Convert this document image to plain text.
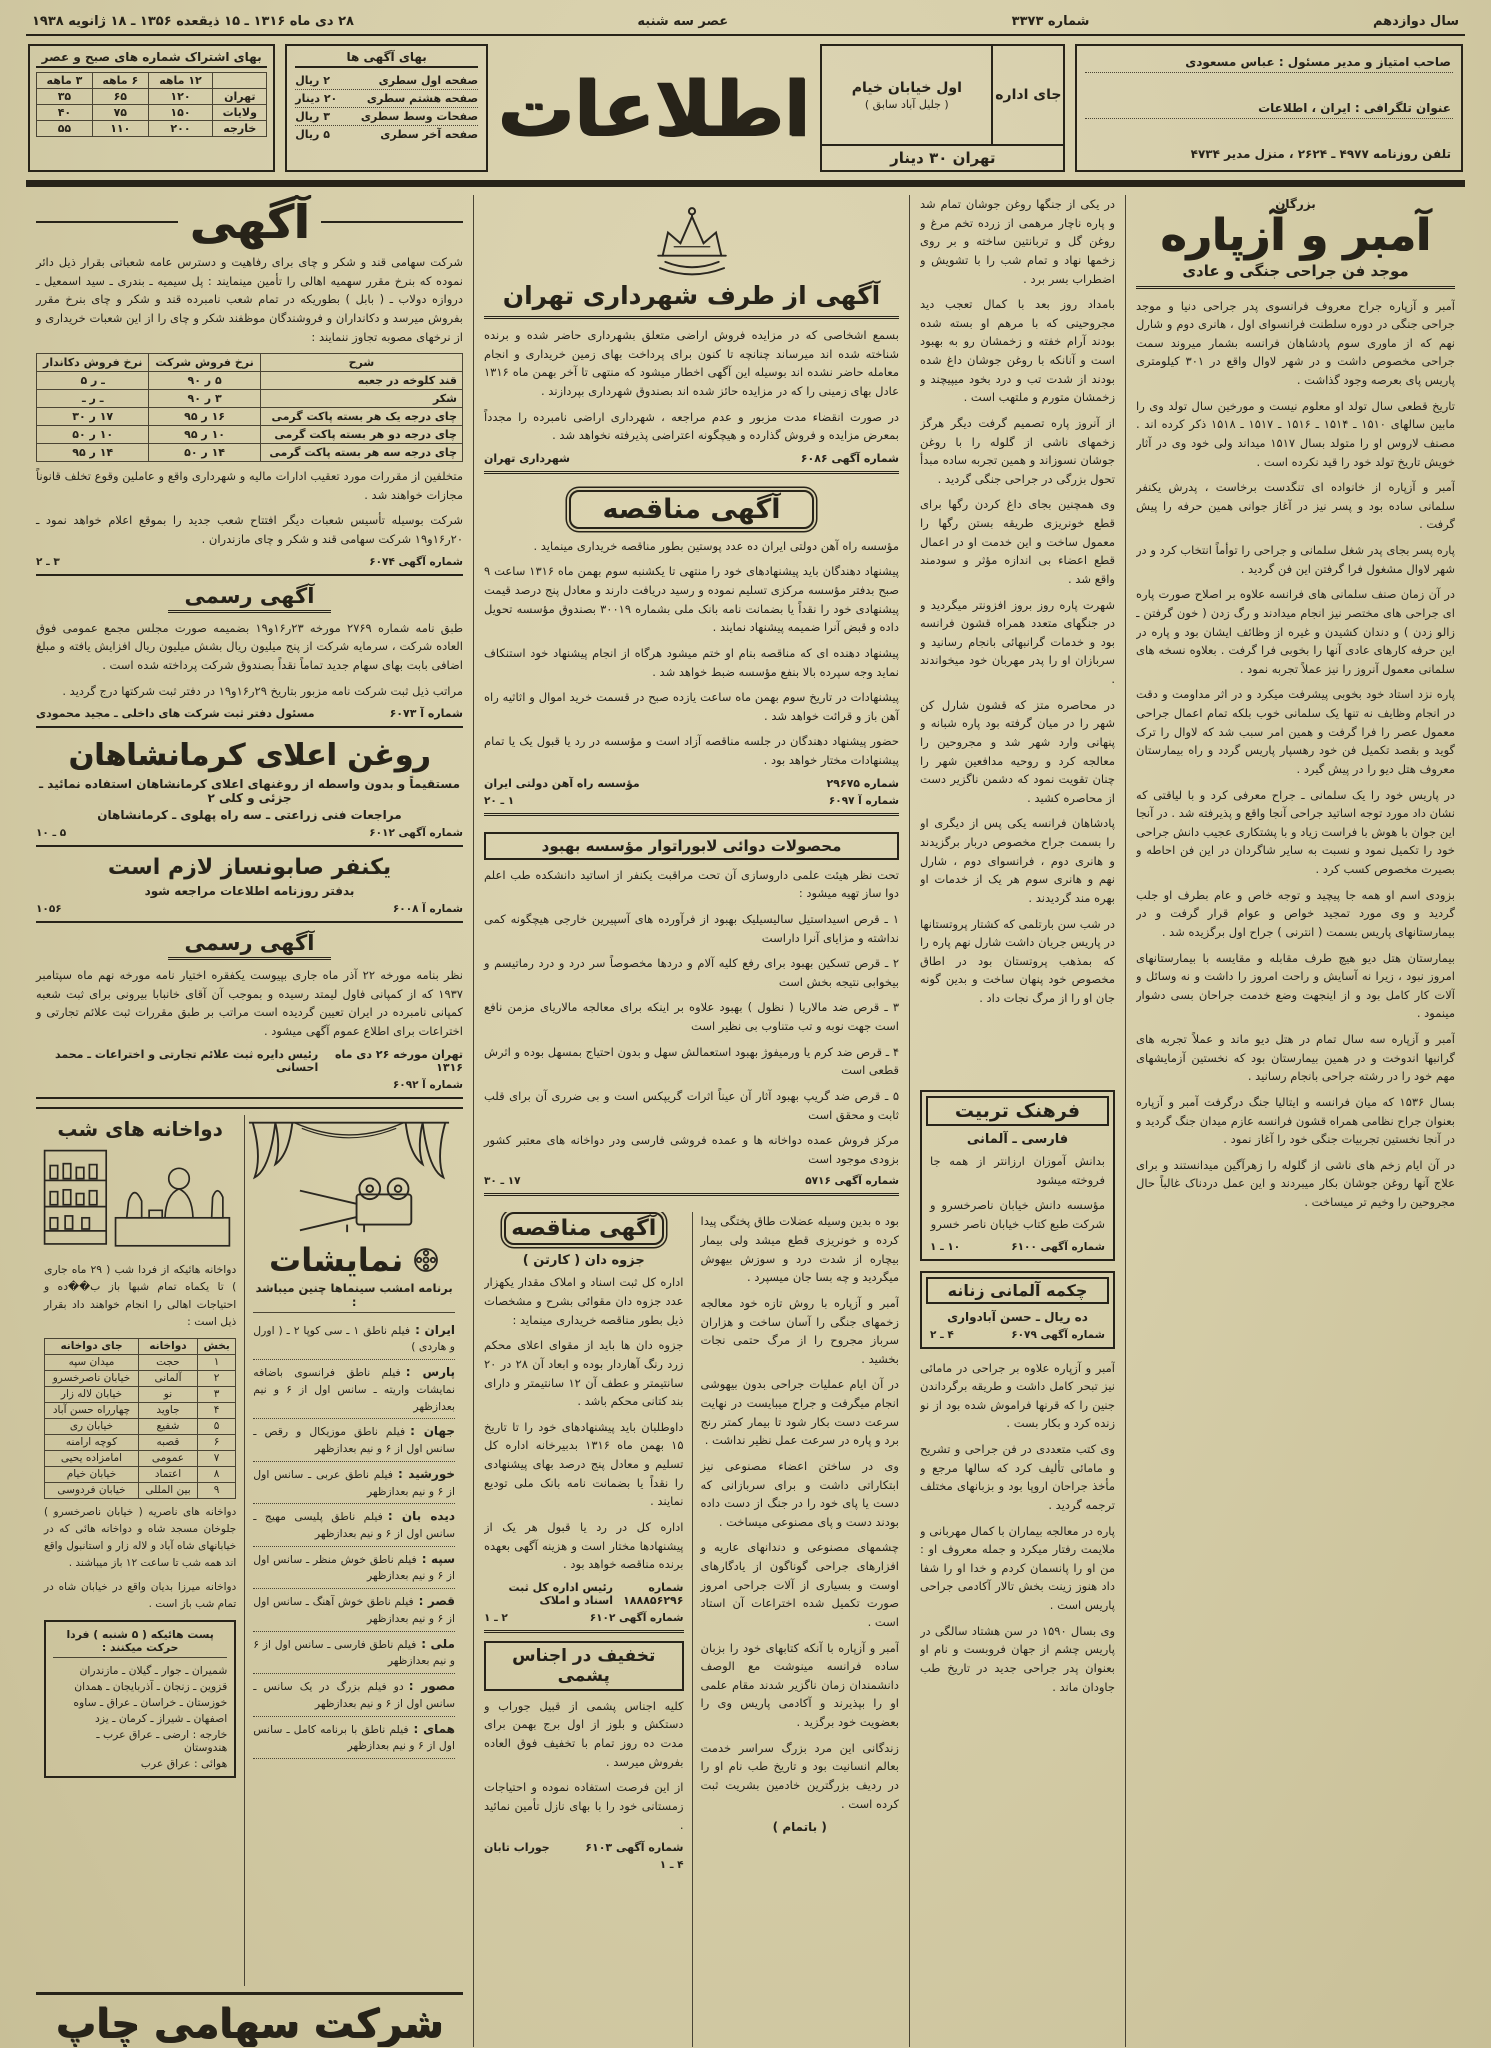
سال دوازدهم
شماره ۳۳۷۳
عصر سه شنبه
۲۸ دی ماه ۱۳۱۶ ـ ۱۵ ذیقعده ۱۳۵۶ ـ ۱۸ ژانویه ۱۹۳۸
صاحب امتیاز و مدیر مسئول : عباس مسعودی
عنوان تلگرافی : ایران ، اطلاعات
تلفن روزنامه ۴۹۷۷ ـ ۲۶۲۴ ، منزل مدیر ۴۷۳۴
جای اداره
اول خیابان خیام
( جلیل آباد سابق )
تهران ۳۰ دینار
اطلاعات
بهای آگهی ها
صفحه اول سطری
۲ ریال
صفحه هشتم سطری
۲۰ دینار
صفحات وسط سطری
۳ ریال
صفحه آخر سطری
۵ ریال
بهای اشتراک شماره های صبح و عصر
	۱۲ ماهه	۶ ماهه	۳ ماهه
تهران	۱۲۰	۶۵	۳۵
ولایات	۱۵۰	۷۵	۴۰
خارجه	۲۰۰	۱۱۰	۵۵
بزرگان
آمبر و آزپاره
موجد فن جراحی جنگی و عادی

آمبر و آزپاره جراح معروف فرانسوی پدر جراحی دنیا و موجد جراحی جنگی در دوره سلطنت فرانسوای اول ، هانری دوم و شارل نهم که از ماوری سوم پادشاهان فرانسه بشمار میروند سمت جراحی مخصوص داشت و در شهر لاوال واقع در ۳۰۱ کیلومتری پاریس پای بعرصه وجود گذاشت .

تاریخ قطعی سال تولد او معلوم نیست و مورخین سال تولد وی را مابین سالهای ۱۵۱۰ ـ ۱۵۱۴ ـ ۱۵۱۶ ـ ۱۵۱۷ ـ ۱۵۱۸ ذکر کرده اند . مصنف لاروس او را متولد بسال ۱۵۱۷ میداند ولی خود وی در آثار خویش تاریخ تولد خود را قید نکرده است .

آمبر و آزپاره از خانواده ای تنگدست برخاست ، پدرش یکنفر سلمانی ساده بود و پسر نیز در آغاز جوانی همین حرفه را پیش گرفت .

پاره پسر بجای پدر شغل سلمانی و جراحی را توأماً انتخاب کرد و در شهر لاوال مشغول فرا گرفتن این فن گردید .

در آن زمان صنف سلمانی های فرانسه علاوه بر اصلاح صورت پاره ای جراحی های مختصر نیز انجام میدادند و رگ زدن ( خون گرفتن ـ زالو زدن ) و دندان کشیدن و غیره از وظائف ایشان بود و پاره در این حرفه کارهای عادی آنها را بخوبی فرا گرفت . بعلاوه نسخه های سلمانی معمول آنروز را نیز عملاً تجربه نمود .

پاره نزد استاد خود بخوبی پیشرفت میکرد و در اثر مداومت و دقت در انجام وظایف نه تنها یک سلمانی خوب بلکه تمام اعمال جراحی معمول عصر را فرا گرفت و همین امر سبب شد که لاوال را ترک گوید و بقصد تکمیل فن خود رهسپار پاریس گردد و راه بیمارستان معروف هتل دیو را در پیش گیرد .

در پاریس خود را یک سلمانی ـ جراح معرفی کرد و با لیاقتی که نشان داد مورد توجه اساتید جراحی آنجا واقع و پذیرفته شد . در آنجا این جوان با هوش با فراست زیاد و با پشتکاری عجیب دانش جراحی خود را تکمیل نمود و نسبت به سایر شاگردان در این فن احاطه و بصیرت مخصوص کسب کرد .

بزودی اسم او همه جا پیچید و توجه خاص و عام بطرف او جلب گردید و وی مورد تمجید خواص و عوام قرار گرفت و در بیمارستانهای پاریس بسمت ( انترنی ) جراح اول برگزیده شد .

بیمارستان هتل دیو هیچ طرف مقابله و مقایسه با بیمارستانهای امروز نبود ، زیرا نه آسایش و راحت امروز را داشت و نه وسائل و آلات کار کامل بود و از اینجهت وضع خدمت جراحان بسی دشوار مینمود .

آمبر و آزپاره سه سال تمام در هتل دیو ماند و عملاً تجربه های گرانبها اندوخت و در همین بیمارستان بود که نخستین آزمایشهای مهم خود را در رشته جراحی بانجام رسانید .

بسال ۱۵۳۶ که میان فرانسه و ایتالیا جنگ درگرفت آمبر و آزپاره بعنوان جراح نظامی همراه قشون فرانسه عازم میدان جنگ گردید و در آنجا نخستین تجربیات جنگی خود را آغاز نمود .

در آن ایام زخم های ناشی از گلوله را زهرآگین میدانستند و برای علاج آنها روغن جوشان بکار میبردند و این عمل دردناک غالباً حال مجروحین را وخیم تر میساخت .

در یکی از جنگها روغن جوشان تمام شد و پاره ناچار مرهمی از زرده تخم مرغ و روغن گل و تربانتین ساخته و بر روی زخمها نهاد و تمام شب را با تشویش و اضطراب بسر برد .

بامداد روز بعد با کمال تعجب دید مجروحینی که با مرهم او بسته شده بودند آرام خفته و زخمشان رو به بهبود است و آنانکه با روغن جوشان داغ شده بودند از شدت تب و درد بخود میپیچند و زخمشان متورم و ملتهب است .

از آنروز پاره تصمیم گرفت دیگر هرگز زخمهای ناشی از گلوله را با روغن جوشان نسوزاند و همین تجربه ساده مبدأ تحول بزرگی در جراحی جنگی گردید .

وی همچنین بجای داغ کردن رگها برای قطع خونریزی طریقه بستن رگها را معمول ساخت و این خدمت او در اعمال قطع اعضاء بی اندازه مؤثر و سودمند واقع شد .

شهرت پاره روز بروز افزونتر میگردید و در جنگهای متعدد همراه قشون فرانسه بود و خدمات گرانبهائی بانجام رسانید و سربازان او را پدر مهربان خود میخواندند .

در محاصره متز که قشون شارل کن شهر را در میان گرفته بود پاره شبانه و پنهانی وارد شهر شد و مجروحین را معالجه کرد و روحیه مدافعین شهر را چنان تقویت نمود که دشمن ناگزیر دست از محاصره کشید .

پادشاهان فرانسه یکی پس از دیگری او را بسمت جراح مخصوص دربار برگزیدند و هانری دوم ، فرانسوای دوم ، شارل نهم و هانری سوم هر یک از خدمات او بهره مند گردیدند .

در شب سن بارتلمی که کشتار پروتستانها در پاریس جریان داشت شارل نهم پاره را که بمذهب پروتستان بود در اطاق مخصوص خود پنهان ساخت و بدین گونه جان او را از مرگ نجات داد .

فرهنک تربیت
فارسی ـ آلمانی

بدانش آموزان ارزانتر از همه جا فروخته میشود

مؤسسه دانش خیابان ناصرخسرو و شرکت طبع کتاب خیابان ناصر خسرو

شماره آگهی ۶۱۰۰
۱۰ ـ ۱
چکمه آلمانی زنانه
ده ریال ـ حسن آبادواری
شماره آگهی ۶۰۷۹
۴ ـ ۲

آمبر و آزپاره علاوه بر جراحی در مامائی نیز تبحر کامل داشت و طریقه برگرداندن جنین را که قرنها فراموش شده بود از نو زنده کرد و بکار بست .

وی کتب متعددی در فن جراحی و تشریح و مامائی تألیف کرد که سالها مرجع و مأخذ جراحان اروپا بود و بزبانهای مختلف ترجمه گردید .

پاره در معالجه بیماران با کمال مهربانی و ملایمت رفتار میکرد و جمله معروف او : من او را پانسمان کردم و خدا او را شفا داد هنوز زینت بخش تالار آکادمی جراحی پاریس است .

وی بسال ۱۵۹۰ در سن هشتاد سالگی در پاریس چشم از جهان فروبست و نام او بعنوان پدر جراحی جدید در تاریخ طب جاودان ماند .

آگهی از طرف شهرداری تهران

بسمع اشخاصی که در مزایده فروش اراضی متعلق بشهرداری حاضر شده و برنده شناخته شده اند میرساند چنانچه تا کنون برای پرداخت بهای زمین خریداری و انجام معامله حاضر نشده اند بوسیله این آگهی اخطار میشود که منتهی تا آخر بهمن ماه ۱۳۱۶ عادل بهای زمینی را که در مزایده حائز شده اند بصندوق شهرداری بپردازند .

در صورت انقضاء مدت مزبور و عدم مراجعه ، شهرداری اراضی نامبرده را مجدداً بمعرض مزایده و فروش گذارده و هیچگونه اعتراضی پذیرفته نخواهد شد .

شماره آگهی ۶۰۸۶
شهرداری تهران
آگهی مناقصه

مؤسسه راه آهن دولتی ایران ده عدد پوستین بطور مناقصه خریداری مینماید .

پیشنهاد دهندگان باید پیشنهادهای خود را منتهی تا یکشنبه سوم بهمن ماه ۱۳۱۶ ساعت ۹ صبح بدفتر مؤسسه مرکزی تسلیم نموده و رسید دریافت دارند و معادل پنج درصد قیمت پیشنهادی خود را نقداً یا بضمانت نامه بانک ملی بشماره ۳۰۰۱۹ بصندوق مؤسسه تحویل داده و قبض آنرا ضمیمه پیشنهاد نمایند .

پیشنهاد دهنده ای که مناقصه بنام او ختم میشود هرگاه از انجام پیشنهاد خود استنکاف نماید وجه سپرده بالا بنفع مؤسسه ضبط خواهد شد .

پیشنهادات در تاریخ سوم بهمن ماه ساعت یازده صبح در قسمت خرید اموال و اثاثیه راه آهن باز و قرائت خواهد شد .

حضور پیشنهاد دهندگان در جلسه مناقصه آزاد است و مؤسسه در رد یا قبول یک یا تمام پیشنهادات مختار خواهد بود .

شماره ۲۹۶۷۵
مؤسسه راه آهن دولتی ایران
شماره آ ۶۰۹۷
۱ ـ ۲۰
محصولات دوائی لابوراتوار مؤسسه بهبود

تحت نظر هیئت علمی داروسازی آن تحت مراقبت یکنفر از اساتید دانشکده طب اعلم دوا ساز تهیه میشود :

۱ ـ قرص اسیداستیل سالیسیلیک بهبود از فرآورده های آسپیرین خارجی هیچگونه کمی نداشته و مزایای آنرا داراست

۲ ـ قرص تسکین بهبود برای رفع کلیه آلام و دردها مخصوصاً سر درد و درد رماتیسم و بیخوابی نتیجه بخش است

۳ ـ قرص ضد مالاریا ( نظول ) بهبود علاوه بر اینکه برای معالجه مالاریای مزمن نافع است جهت نوبه و تب متناوب بی نظیر است

۴ ـ قرص ضد کرم یا ورمیفوژ بهبود استعمالش سهل و بدون احتیاج بمسهل بوده و اثرش قطعی است

۵ ـ قرص ضد گریپ بهبود آثار آن عیناً اثرات گریپکس است و بی ضرری آن برای قلب ثابت و محقق است

مرکز فروش عمده دواخانه ها و عمده فروشی فارسی ودر دواخانه های معتبر کشور بزودی موجود است

شماره آگهی ۵۷۱۶
۱۷ ـ ۳۰

بود ه بدین وسیله عضلات طاق پختگی پیدا کرده و خونریزی قطع میشد ولی بیمار بیچاره از شدت درد و سوزش بیهوش میگردید و چه بسا جان میسپرد .

آمبر و آزپاره با روش تازه خود معالجه زخمهای جنگی را آسان ساخت و هزاران سرباز مجروح را از مرگ حتمی نجات بخشید .

در آن ایام عملیات جراحی بدون بیهوشی انجام میگرفت و جراح میبایست در نهایت سرعت دست بکار شود تا بیمار کمتر رنج برد و پاره در سرعت عمل نظیر نداشت .

وی در ساختن اعضاء مصنوعی نیز ابتکاراتی داشت و برای سربازانی که دست یا پای خود را در جنگ از دست داده بودند دست و پای مصنوعی میساخت .

چشمهای مصنوعی و دندانهای عاریه و افزارهای جراحی گوناگون از یادگارهای اوست و بسیاری از آلات جراحی امروز صورت تکمیل شده اختراعات آن استاد است .

آمبر و آزپاره با آنکه کتابهای خود را بزبان ساده فرانسه مینوشت مع الوصف دانشمندان زمان ناگزیر شدند مقام علمی او را بپذیرند و آکادمی پاریس وی را بعضویت خود برگزید .

زندگانی این مرد بزرگ سراسر خدمت بعالم انسانیت بود و تاریخ طب نام او را در ردیف بزرگترین خادمین بشریت ثبت کرده است .

( باتمام )
آگهی مناقصه
جزوه دان ( کارتن )

اداره کل ثبت اسناد و املاک مقدار یکهزار عدد جزوه دان مقوائی بشرح و مشخصات ذیل بطور مناقصه خریداری مینماید :

جزوه دان ها باید از مقوای اعلای محکم زرد رنگ آهاردار بوده و ابعاد آن ۲۸ در ۲۰ سانتیمتر و عطف آن ۱۲ سانتیمتر و دارای بند کتانی محکم باشد .

داوطلبان باید پیشنهادهای خود را تا تاریخ ۱۵ بهمن ماه ۱۳۱۶ بدبیرخانه اداره کل تسلیم و معادل پنج درصد بهای پیشنهادی را نقداً یا بضمانت نامه بانک ملی تودیع نمایند .

اداره کل در رد یا قبول هر یک از پیشنهادها مختار است و هزینه آگهی بعهده برنده مناقصه خواهد بود .

شماره ۱۸۸۸۵۶۲۹۶
رئیس اداره کل ثبت اسناد و املاک
شماره آگهی ۶۱۰۲
۲ ـ ۱
تخفیف در اجناس پشمی

کلیه اجناس پشمی از قبیل جوراب و دستکش و بلوز از اول برج بهمن برای مدت ده روز تمام با تخفیف فوق العاده بفروش میرسد .

از این فرصت استفاده نموده و احتیاجات زمستانی خود را با بهای نازل تأمین نمائید .

شماره آگهی ۶۱۰۳
جوراب تابان
۴ ـ ۱
آگهی

شرکت سهامی قند و شکر و چای برای رفاهیت و دسترس عامه شعباتی بقرار ذیل دائر نموده که بنرخ مقرر سهمیه اهالی را تأمین مینمایند : پل سیمیه ـ بندری ـ سید اسمعیل ـ دروازه دولاب ـ ( بابل ) بطوریکه در تمام شعب نامبرده قند و شکر و چای بنرخ مقرر بفروش میرسد و دکانداران و فروشندگان موظفند شکر و چای را از این شعبات خریداری و از نرخهای مصوبه تجاوز ننمایند :

شرح	نرخ فروش شرکت	نرخ فروش دکاندار
قند کلوخه در جعبه	۵ ر ۹۰	ـ ر ۵
شکر	۳ ر ۹۰	ـ ر ـ
چای درجه یک هر بسته پاکت گرمی	۱۶ ر ۹۵	۱۷ ر ۳۰
چای درجه دو هر بسته پاکت گرمی	۱۰ ر ۹۵	۱۰ ر ۵۰
چای درجه سه هر بسته پاکت گرمی	۱۴ ر ۵۰	۱۴ ر ۹۵

متخلفین از مقررات مورد تعقیب ادارات مالیه و شهرداری واقع و عاملین وقوع تخلف قانوناً مجازات خواهند شد .

شرکت بوسیله تأسیس شعبات دیگر افتتاح شعب جدید را بموقع اعلام خواهد نمود ـ ۲۰ر۱۶و۱۹ شرکت سهامی قند و شکر و چای مازندران .

شماره آگهی ۶۰۷۴
۳ ـ ۲
آگهی رسمی

طبق نامه شماره ۲۷۶۹ مورخه ۲۳ر۱۶و۱۹ بضمیمه صورت مجلس مجمع عمومی فوق العاده شرکت ، سرمایه شرکت از پنج میلیون ریال بشش میلیون ریال افزایش یافته و مبلغ اضافی بابت بهای سهام جدید تماماً نقداً بصندوق شرکت پرداخته شده است .

مراتب ذیل ثبت شرکت نامه مزبور بتاریخ ۲۹ر۱۶و۱۹ در دفتر ثبت شرکتها درج گردید .

شماره آ ۶۰۷۳
مسئول دفتر ثبت شرکت های داخلی ـ مجید محمودی
روغن اعلای کرمانشاهان
مستقیماً و بدون واسطه از روغنهای اعلای کرمانشاهان استفاده نمائید ـ جزئی و کلی ۲
مراجعات فنی زراعتی ـ سه راه پهلوی ـ کرمانشاهان
شماره آگهی ۶۰۱۲
۵ ـ ۱۰
یکنفر صابونساز لازم است
بدفتر روزنامه اطلاعات مراجعه شود
شماره آ ۶۰۰۸
۱۰۵۶
آگهی رسمی

نظر بنامه مورخه ۲۲ آذر ماه جاری بپیوست یکفقره اختیار نامه مورخه نهم ماه سپتامبر ۱۹۳۷ که از کمپانی فاول لیمتد رسیده و بموجب آن آقای خانبابا بیرونی برای ثبت شعبه کمپانی نامبرده در ایران تعیین گردیده است مراتب بر طبق مقررات ثبت علائم تجارتی و اختراعات برای اطلاع عموم آگهی میشود .

تهران مورخه ۲۶ دی ماه ۱۳۱۶
رئیس دایره ثبت علائم تجارتی و اختراعات ـ محمد احسانی
شماره آ ۶۰۹۲
نمایشات
برنامه امشب سینماها چنین میباشد :
ایران :فیلم ناطق ۱ ـ سی کوپا ۲ ـ ( اورل و هاردی )
پارس :فیلم ناطق فرانسوی باضافه نمایشات واریته ـ سانس اول از ۶ و نیم بعدازظهر
جهان :فیلم ناطق موزیکال و رقص ـ سانس اول از ۶ و نیم بعدازظهر
خورشید :فیلم ناطق عربی ـ سانس اول از ۶ و نیم بعدازظهر
دیده بان :فیلم ناطق پلیسی مهیج ـ سانس اول از ۶ و نیم بعدازظهر
سپه :فیلم ناطق خوش منظر ـ سانس اول از ۶ و نیم بعدازظهر
قصر :فیلم ناطق خوش آهنگ ـ سانس اول از ۶ و نیم بعدازظهر
ملی :فیلم ناطق فارسی ـ سانس اول از ۶ و نیم بعدازظهر
مصور :دو فیلم بزرگ در یک سانس ـ سانس اول از ۶ و نیم بعدازظهر
همای :فیلم ناطق با برنامه کامل ـ سانس اول از ۶ و نیم بعدازظهر
دواخانه های شب

دواخانه هائیکه از فردا شب ( ۲۹ ماه جاری ) تا یکماه تمام شبها باز ب��ده و احتیاجات اهالی را انجام خواهند داد بقرار ذیل است :

بخش	دواخانه	جای دواخانه
۱	حجت	میدان سپه
۲	آلمانی	خیابان ناصرخسرو
۳	نو	خیابان لاله زار
۴	جاوید	چهارراه حسن آباد
۵	شفیع	خیابان ری
۶	قصبه	کوچه ارامنه
۷	عمومی	امامزاده یحیی
۸	اعتماد	خیابان خیام
۹	بین المللی	خیابان فردوسی

دواخانه های ناصریه ( خیابان ناصرخسرو ) جلوخان مسجد شاه و دواخانه هائی که در خیابانهای شاه آباد و لاله زار و استانبول واقع اند همه شب تا ساعت ۱۲ باز میباشند .

دواخانه میرزا بدیان واقع در خیابان شاه در تمام شب باز است .

پست هائیکه ( ۵ شنبه ) فردا حرکت میکنند :
شمیران ـ جوار ـ گیلان ـ مازندران
قزوین ـ زنجان ـ آذربایجان ـ همدان
خوزستان ـ خراسان ـ عراق ـ ساوه
اصفهان ـ شیراز ـ کرمان ـ یزد
خارجه : ارضی ـ عراق عرب ـ هندوستان
هوائی : عراق عرب
شرکت سهامی چاپ
